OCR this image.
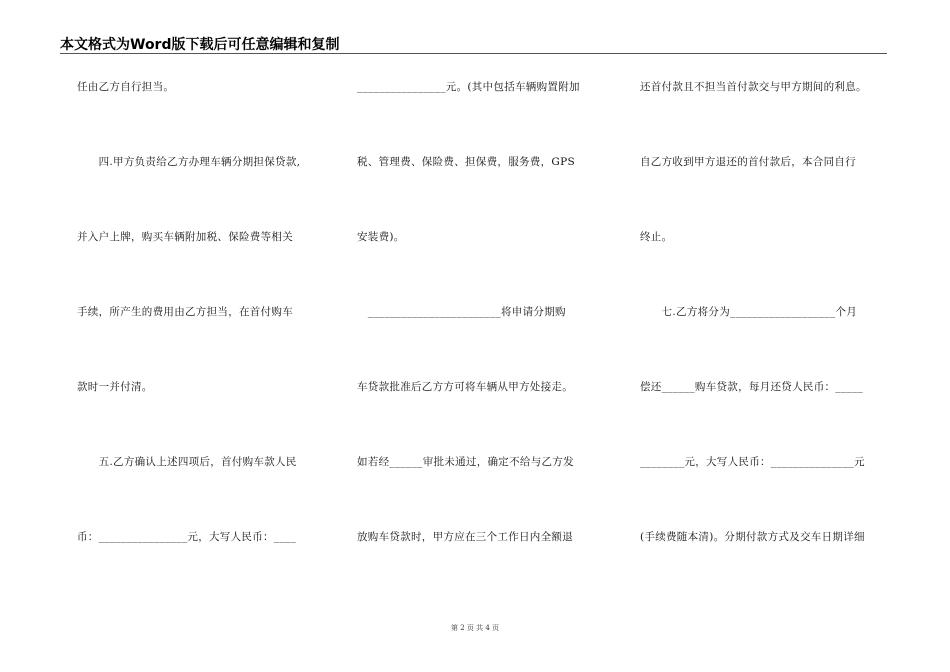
本文格式为Word版下载后可任意编辑和复制
任由乙方自行担当。
　　四.甲方负责给乙方办理车辆分期担保贷款,
并入户上牌，购买车辆附加税、保险费等相关
手续，所产生的费用由乙方担当，在首付购车
款时一并付清。
　　五.乙方确认上述四项后，首付购车款人民
币：________________元，大写人民币：____
________________元。(其中包括车辆购置附加
税、管理费、保险费、担保费，服务费，GPS
安装费)。
　________________________将申请分期购
车贷款批准后乙方方可将车辆从甲方处接走。
如若经______审批未通过，确定不给与乙方发
放购车贷款时，甲方应在三个工作日内全额退
还首付款且不担当首付款交与甲方期间的利息。
自乙方收到甲方退还的首付款后，本合同自行
终止。
　　七.乙方将分为___________________个月
偿还______购车贷款，每月还贷人民币：_____
________元，大写人民币：_______________元
(手续费随本清)。分期付款方式及交车日期详细
第 2 页 共 4 页
